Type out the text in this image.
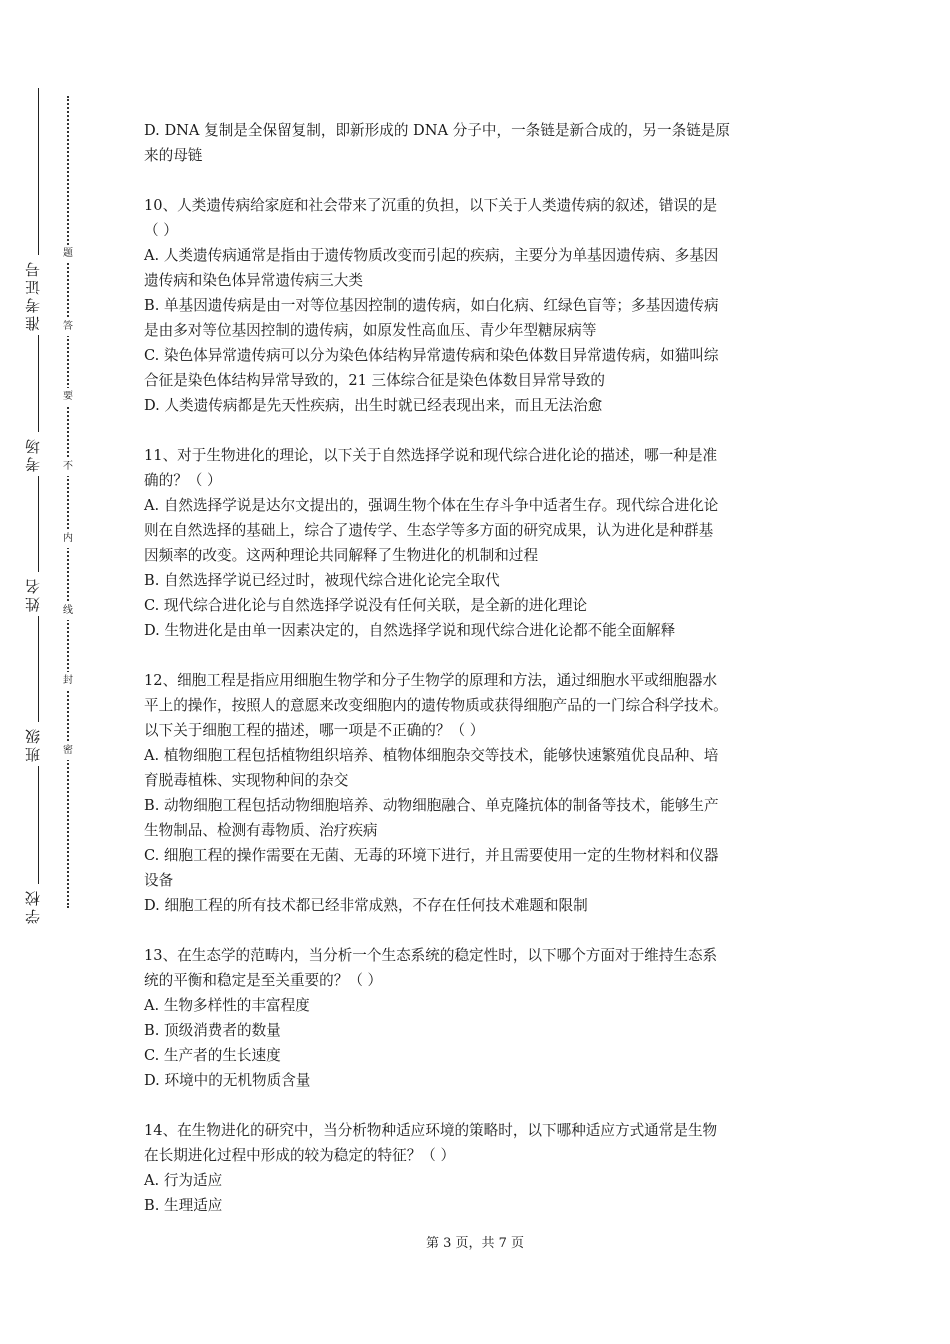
准考证号
考场
姓名
班级
学校
题
答
要
不
内
线
封
密
D. DNA 复制是全保留复制，即新形成的 DNA 分子中，一条链是新合成的，另一条链是原
来的母链
10、人类遗传病给家庭和社会带来了沉重的负担，以下关于人类遗传病的叙述，错误的是
（ ）
A. 人类遗传病通常是指由于遗传物质改变而引起的疾病，主要分为单基因遗传病、多基因
遗传病和染色体异常遗传病三大类
B. 单基因遗传病是由一对等位基因控制的遗传病，如白化病、红绿色盲等；多基因遗传病
是由多对等位基因控制的遗传病，如原发性高血压、青少年型糖尿病等
C. 染色体异常遗传病可以分为染色体结构异常遗传病和染色体数目异常遗传病，如猫叫综
合征是染色体结构异常导致的，21 三体综合征是染色体数目异常导致的
D. 人类遗传病都是先天性疾病，出生时就已经表现出来，而且无法治愈
11、对于生物进化的理论，以下关于自然选择学说和现代综合进化论的描述，哪一种是准
确的？（ ）
A. 自然选择学说是达尔文提出的，强调生物个体在生存斗争中适者生存。现代综合进化论
则在自然选择的基础上，综合了遗传学、生态学等多方面的研究成果，认为进化是种群基
因频率的改变。这两种理论共同解释了生物进化的机制和过程
B. 自然选择学说已经过时，被现代综合进化论完全取代
C. 现代综合进化论与自然选择学说没有任何关联，是全新的进化理论
D. 生物进化是由单一因素决定的，自然选择学说和现代综合进化论都不能全面解释
12、细胞工程是指应用细胞生物学和分子生物学的原理和方法，通过细胞水平或细胞器水
平上的操作，按照人的意愿来改变细胞内的遗传物质或获得细胞产品的一门综合科学技术。
以下关于细胞工程的描述，哪一项是不正确的？（ ）
A. 植物细胞工程包括植物组织培养、植物体细胞杂交等技术，能够快速繁殖优良品种、培
育脱毒植株、实现物种间的杂交
B. 动物细胞工程包括动物细胞培养、动物细胞融合、单克隆抗体的制备等技术，能够生产
生物制品、检测有毒物质、治疗疾病
C. 细胞工程的操作需要在无菌、无毒的环境下进行，并且需要使用一定的生物材料和仪器
设备
D. 细胞工程的所有技术都已经非常成熟，不存在任何技术难题和限制
13、在生态学的范畴内，当分析一个生态系统的稳定性时，以下哪个方面对于维持生态系
统的平衡和稳定是至关重要的？（ ）
A. 生物多样性的丰富程度
B. 顶级消费者的数量
C. 生产者的生长速度
D. 环境中的无机物质含量
14、在生物进化的研究中，当分析物种适应环境的策略时，以下哪种适应方式通常是生物
在长期进化过程中形成的较为稳定的特征？（ ）
A. 行为适应
B. 生理适应
第 3 页，共 7 页
